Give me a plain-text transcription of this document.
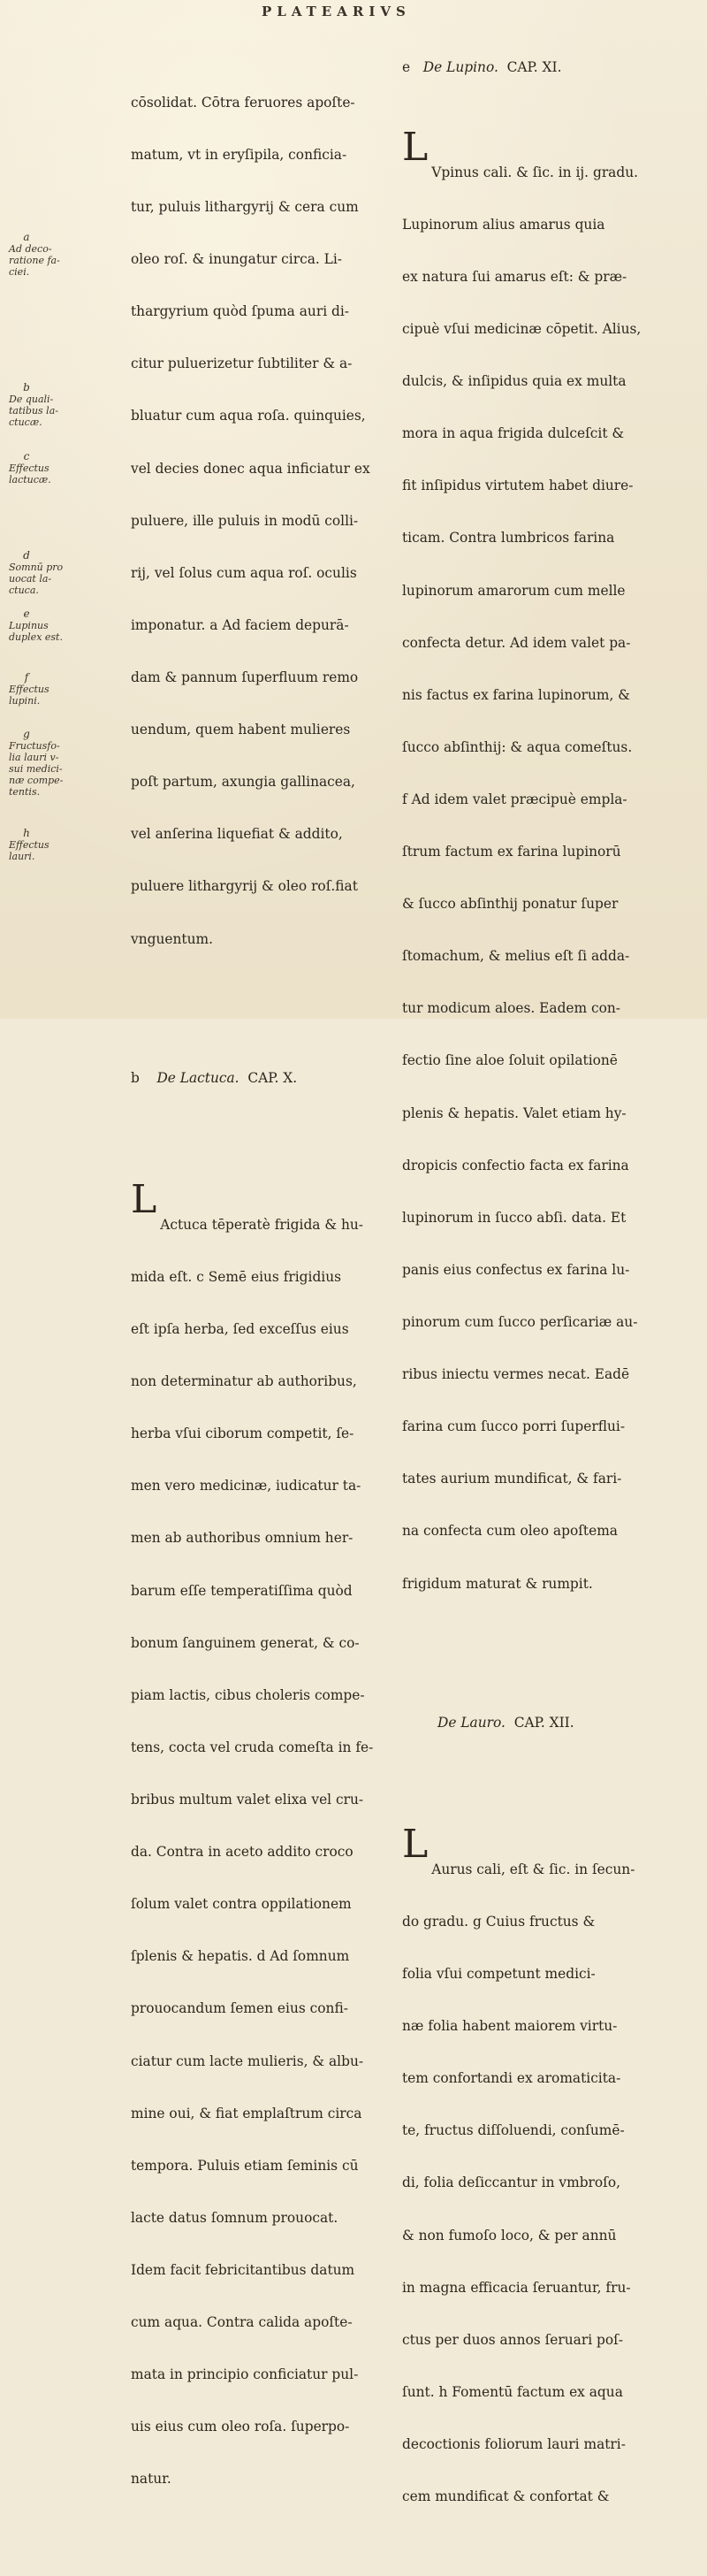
PLATEARIVS
a
Ad deco-
ratione fa-
ciei.
b
De quali-
tatibus la-
ctucæ.
c
Effectus
lactucæ.
d
Somnū pro
uocat la-
ctuca.
e
Lupinus
duplex est.
f
Effectus
lupini.
g
Fructusfo-
lia lauri v-
sui medici-
næ compe-
tentis.
h
Effectus
lauri.

cōsolidat. Cōtra feruores apoſte-

matum, vt in eryſipila, conficia-

tur, puluis lithargyrij & cera cum

oleo roſ. & inungatur circa. Li-

thargyrium quòd ſpuma auri di-

citur puluerizetur ſubtiliter & a-

bluatur cum aqua roſa. quinquies,

vel decies donec aqua inficiatur ex

puluere, ille puluis in modū colli-

rij, vel ſolus cum aqua roſ. oculis

imponatur. a Ad faciem depurā-

dam & pannum ſuperfluum remo

uendum, quem habent mulieres

poſt partum, axungia gallinacea,

vel anſerina liquefiat & addito,

puluere lithargyrij & oleo roſ.fiat

vnguentum.

b De Lactuca. CAP. X.

L

Actuca tēperatè frigida & hu-

mida eſt. c Semē eius frigidius

eſt ipſa herba, ſed exceſſus eius

non determinatur ab authoribus,

herba vſui ciborum competit, ſe-

men vero medicinæ, iudicatur ta-

men ab authoribus omnium her-

barum eſſe temperatiſſima quòd

bonum ſanguinem generat, & co-

piam lactis, cibus choleris compe-

tens, cocta vel cruda comeſta in fe-

bribus multum valet elixa vel cru-

da. Contra in aceto addito croco

ſolum valet contra oppilationem

ſplenis & hepatis. d Ad ſomnum

prouocandum ſemen eius confi-

ciatur cum lacte mulieris, & albu-

mine oui, & fiat emplaſtrum circa

tempora. Puluis etiam ſeminis cū

lacte datus ſomnum prouocat.

Idem facit febricitantibus datum

cum aqua. Contra calida apoſte-

mata in principio conficiatur pul-

uis eius cum oleo roſa. ſuperpo-

natur.

e De Lupino. CAP. XI.

L

Vpinus cali. & ſic. in ij. gradu.

Lupinorum alius amarus quia

ex natura ſui amarus eſt: & præ-

cipuè vſui medicinæ cōpetit. Alius,

dulcis, & inſipidus quia ex multa

mora in aqua frigida dulceſcit &

fit inſipidus virtutem habet diure-

ticam. Contra lumbricos farina

lupinorum amarorum cum melle

confecta detur. Ad idem valet pa-

nis factus ex farina lupinorum, &

ſucco abſinthij: & aqua comeſtus.

f Ad idem valet præcipuè empla-

ſtrum factum ex farina lupinorū

& ſucco abſinthij ponatur ſuper

ſtomachum, & melius eſt ſi adda-

tur modicum aloes. Eadem con-

fectio ſine aloe ſoluit opilationē

plenis & hepatis. Valet etiam hy-

dropicis confectio facta ex farina

lupinorum in ſucco abſi. data. Et

panis eius confectus ex farina lu-

pinorum cum ſucco perſicariæ au-

ribus iniectu vermes necat. Eadē

farina cum ſucco porri ſuperflui-

tates aurium mundificat, & fari-

na confecta cum oleo apoſtema

frigidum maturat & rumpit.

De Lauro. CAP. XII.

L

Aurus cali, eſt & ſic. in ſecun-

do gradu. g Cuius fructus &

folia vſui competunt medici-

næ folia habent maiorem virtu-

tem confortandi ex aromaticita-

te, fructus diſſoluendi, conſumē-

di, folia deſiccantur in vmbroſo,

& non fumoſo loco, & per annū

in magna efficacia ſeruantur, fru-

ctus per duos annos ſeruari poſ-

ſunt. h Fomentū factum ex aqua

decoctionis foliorum lauri matri-

cem mundificat & confortat &
